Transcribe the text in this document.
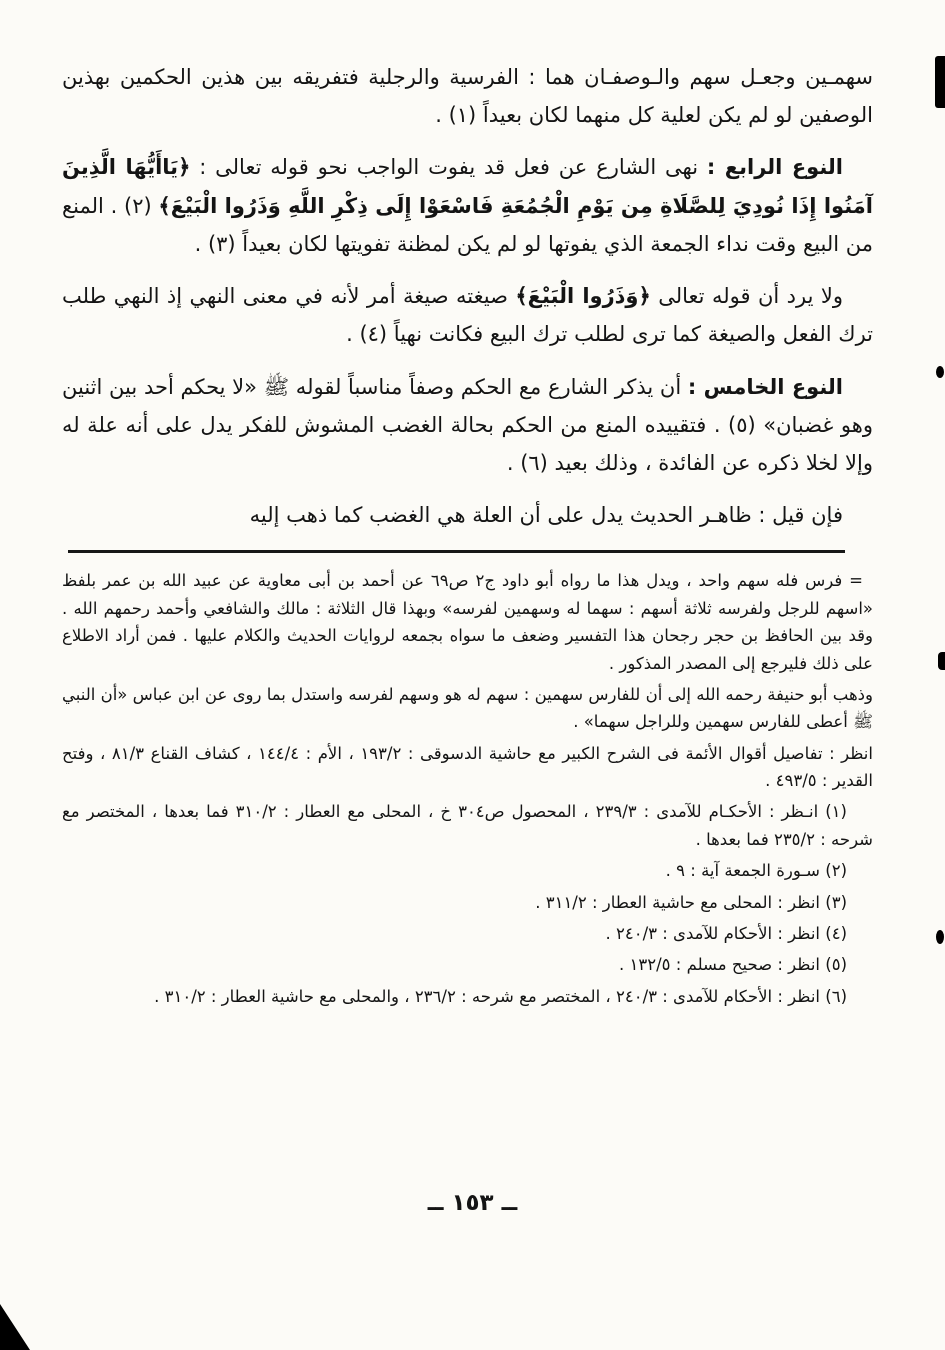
سهمـين وجعـل سهم والـوصفـان هما : الفرسية والرجلية فتفريقه بين هذين الحكمين بهذين الوصفين لو لم يكن لعلية كل منهما لكان بعيداً (١) .

النوع الرابع : نهى الشارع عن فعل قد يفوت الواجب نحو قوله تعالى : ﴿يَاأَيُّهَا الَّذِينَ آمَنُوا إِذَا نُودِيَ لِلصَّلَاةِ مِن يَوْمِ الْجُمُعَةِ فَاسْعَوْا إِلَى ذِكْرِ اللَّهِ وَذَرُوا الْبَيْعَ﴾ (٢) . المنع من البيع وقت نداء الجمعة الذي يفوتها لو لم يكن لمظنة تفويتها لكان بعيداً (٣) .

ولا يرد أن قوله تعالى ﴿وَذَرُوا الْبَيْعَ﴾ صيغته صيغة أمر لأنه في معنى النهي إذ النهي طلب ترك الفعل والصيغة كما ترى لطلب ترك البيع فكانت نهياً (٤) .

النوع الخامس : أن يذكر الشارع مع الحكم وصفاً مناسباً لقوله ﷺ «لا يحكم أحد بين اثنين وهو غضبان» (٥) . فتقييده المنع من الحكم بحالة الغضب المشوش للفكر يدل على أنه علة له وإلا لخلا ذكره عن الفائدة ، وذلك بعيد (٦) .

فإن قيل : ظاهـر الحديث يدل على أن العلة هي الغضب كما ذهب إليه

= فرس فله سهم واحد ، ويدل هذا ما رواه أبو داود ج٢ ص٦٩ عن أحمد بن أبى معاوية عن عبيد الله بن عمر بلفظ «اسهم للرجل ولفرسه ثلاثة أسهم : سهما له وسهمين لفرسه» وبهذا قال الثلاثة : مالك والشافعي وأحمد رحمهم الله . وقد بين الحافظ بن حجر رجحان هذا التفسير وضعف ما سواه بجمعه لروايات الحديث والكلام عليها . فمن أراد الاطلاع على ذلك فليرجع إلى المصدر المذكور .

وذهب أبو حنيفة رحمه الله إلى أن للفارس سهمين : سهم له هو وسهم لفرسه واستدل بما روى عن ابن عباس «أن النبي ﷺ أعطى للفارس سهمين وللراجل سهما» .

انظر : تفاصيل أقوال الأئمة فى الشرح الكبير مع حاشية الدسوقى : ١٩٣/٢ ، الأم : ١٤٤/٤ ، كشاف القناع ٨١/٣ ، وفتح القدير : ٤٩٣/٥ .

(١) انـظر : الأحكـام للآمدى : ٢٣٩/٣ ، المحصول ص٣٠٤ خ ، المحلى مع العطار : ٣١٠/٢ فما بعدها ، المختصر مع شرحه : ٢٣٥/٢ فما بعدها .

(٢) سـورة الجمعة آية : ٩ .

(٣) انظر : المحلى مع حاشية العطار : ٣١١/٢ .

(٤) انظر : الأحكام للآمدى : ٢٤٠/٣ .

(٥) انظر : صحيح مسلم : ١٣٢/٥ .

(٦) انظر : الأحكام للآمدى : ٢٤٠/٣ ، المختصر مع شرحه : ٢٣٦/٢ ، والمحلى مع حاشية العطار : ٣١٠/٢ .

ــ ١٥٣ ــ
